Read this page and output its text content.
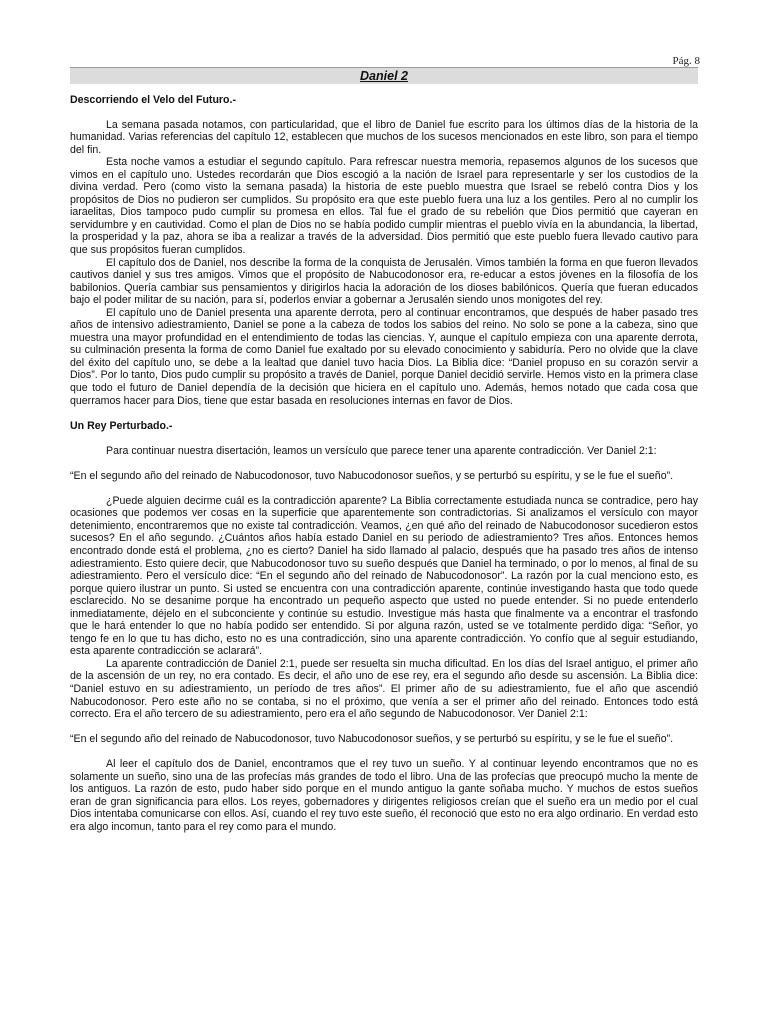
Pág. 8
Daniel 2
Descorriendo el Velo del Futuro.-

La semana pasada notamos, con particularidad, que el libro de Daniel fue escrito para los últimos días de la historia de la humanidad. Varias referencias del capítulo 12, establecen que muchos de los sucesos mencionados en este libro, son para el tiempo del fin.

Esta noche vamos a estudiar el segundo capítulo. Para refrescar nuestra memoria, repasemos algunos de los sucesos que vimos en el capítulo uno. Ustedes recordarán que Dios escogió a la nación de Israel para representarle y ser los custodios de la divina verdad. Pero (como visto la semana pasada) la historia de este pueblo muestra que Israel se rebeló contra Dios y los propósitos de Dios no pudieron ser cumplidos. Su propósito era que este pueblo fuera una luz a los gentiles. Pero al no cumplir los iaraelitas, Dios tampoco pudo cumplir su promesa en ellos. Tal fue el grado de su rebelión que Dios permitió que cayeran en servidumbre y en cautividad. Como el plan de Dios no se había podido cumplir mientras el pueblo vivía en la abundancia, la libertad, la prosperidad y la paz, ahora se iba a realizar a través de la adversidad. Dios permitió que este pueblo fuera llevado cautivo para que sus propósitos fueran cumplidos.

El capítulo dos de Daniel, nos describe la forma de la conquista de Jerusalén. Vimos también la forma en que fueron llevados cautivos daniel y sus tres amigos. Vimos que el propósito de Nabucodonosor era, re-educar a estos jóvenes en la filosofía de los babilonios. Quería cambiar sus pensamientos y dirigirlos hacia la adoración de los dioses babilónicos. Quería que fueran educados bajo el poder militar de su nación, para sí, poderlos enviar a gobernar a Jerusalén siendo unos monigotes del rey.

El capítulo uno de Daniel presenta una aparente derrota, pero al continuar encontramos, que después de haber pasado tres años de intensivo adiestramiento, Daniel se pone a la cabeza de todos los sabios del reino. No solo se pone a la cabeza, sino que muestra una mayor profundidad en el entendimiento de todas las ciencias. Y, aunque el capítulo empieza con una aparente derrota, su culminación presenta la forma de como Daniel fue exaltado por su elevado conocimiento y sabiduría. Pero no olvide que la clave del éxito del capítulo uno, se debe a la lealtad que daniel tuvo hacia Dios. La Biblia dice: “Daniel propuso en su corazón servir a Dios”. Por lo tanto, Dios pudo cumplir su propósito a través de Daniel, porque Daniel decidió servirle. Hemos visto en la primera clase que todo el futuro de Daniel dependía de la decisión que hiciera en el capítulo uno. Además, hemos notado que cada cosa que querramos hacer para Dios, tiene que estar basada en resoluciones internas en favor de Dios.

Un Rey Perturbado.-

Para continuar nuestra disertación, leamos un versículo que parece tener una aparente contradicción. Ver Daniel 2:1:

“En el segundo año del reinado de Nabucodonosor, tuvo Nabucodonosor sueños, y se perturbó su espíritu, y se le fue el sueño”.

¿Puede alguien decirme cuál es la contradicción aparente? La Biblia correctamente estudiada nunca se contradice, pero hay ocasiones que podemos ver cosas en la superficie que aparentemente son contradictorias. Si analizamos el versículo con mayor detenimiento, encontraremos que no existe tal contradicción. Veamos, ¿en qué año del reinado de Nabucodonosor sucedieron estos sucesos? En el año segundo. ¿Cuántos años había estado Daniel en su periodo de adiestramiento? Tres años. Entonces hemos encontrado donde está el problema, ¿no es cierto? Daniel ha sido llamado al palacio, después que ha pasado tres años de intenso adiestramiento. Esto quiere decir, que Nabucodonosor tuvo su sueño después que Daniel ha terminado, o por lo menos, al final de su adiestramiento. Pero el versículo dice: “En el segundo año del reinado de Nabucodonosor”. La razón por la cual menciono esto, es porque quiero ilustrar un punto. Si usted se encuentra con una contradicción aparente, continúe investigando hasta que todo quede esclarecido. No se desanime porque ha encontrado un pequeño aspecto que usted no puede entender. Si no puede entenderlo inmediatamente, déjelo en el subconciente y continúe su estudio. Investigue más hasta que finalmente va a encontrar el trasfondo que le hará entender lo que no había podido ser entendido. Si por alguna razón, usted se ve totalmente perdido diga: “Señor, yo tengo fe en lo que tu has dicho, esto no es una contradicción, sino una aparente contradicción. Yo confío que al seguir estudiando, esta aparente contradicción se aclarará”.

La aparente contradicción de Daniel 2:1, puede ser resuelta sin mucha dificultad. En los días del Israel antiguo, el primer año de la ascensión de un rey, no era contado. Es decir, el año uno de ese rey, era el segundo año desde su ascensión. La Biblia dice: “Daniel estuvo en su adiestramiento, un período de tres años”. El primer año de su adiestramiento, fue el año que ascendió Nabucodonosor. Pero este año no se contaba, si no el próximo, que venía a ser el primer año del reinado. Entonces todo está correcto. Era el año tercero de su adiestramiento, pero era el año segundo de Nabucodonosor. Ver Daniel 2:1:

“En el segundo año del reinado de Nabucodonosor, tuvo Nabucodonosor sueños, y se perturbó su espíritu, y se le fue el sueño”.

Al leer el capítulo dos de Daniel, encontramos que el rey tuvo un sueño. Y al continuar leyendo encontramos que no es solamente un sueño, sino una de las profecías más grandes de todo el libro. Una de las profecías que preocupó mucho la mente de los antiguos. La razón de esto, pudo haber sido porque en el mundo antiguo la gante soñaba mucho. Y muchos de estos sueños eran de gran significancia para ellos. Los reyes, gobernadores y dirigentes religiosos creían que el sueño era un medio por el cual Dios intentaba comunicarse con ellos. Así, cuando el rey tuvo este sueño, él reconoció que esto no era algo ordinario. En verdad esto era algo incomun, tanto para el rey como para el mundo.
